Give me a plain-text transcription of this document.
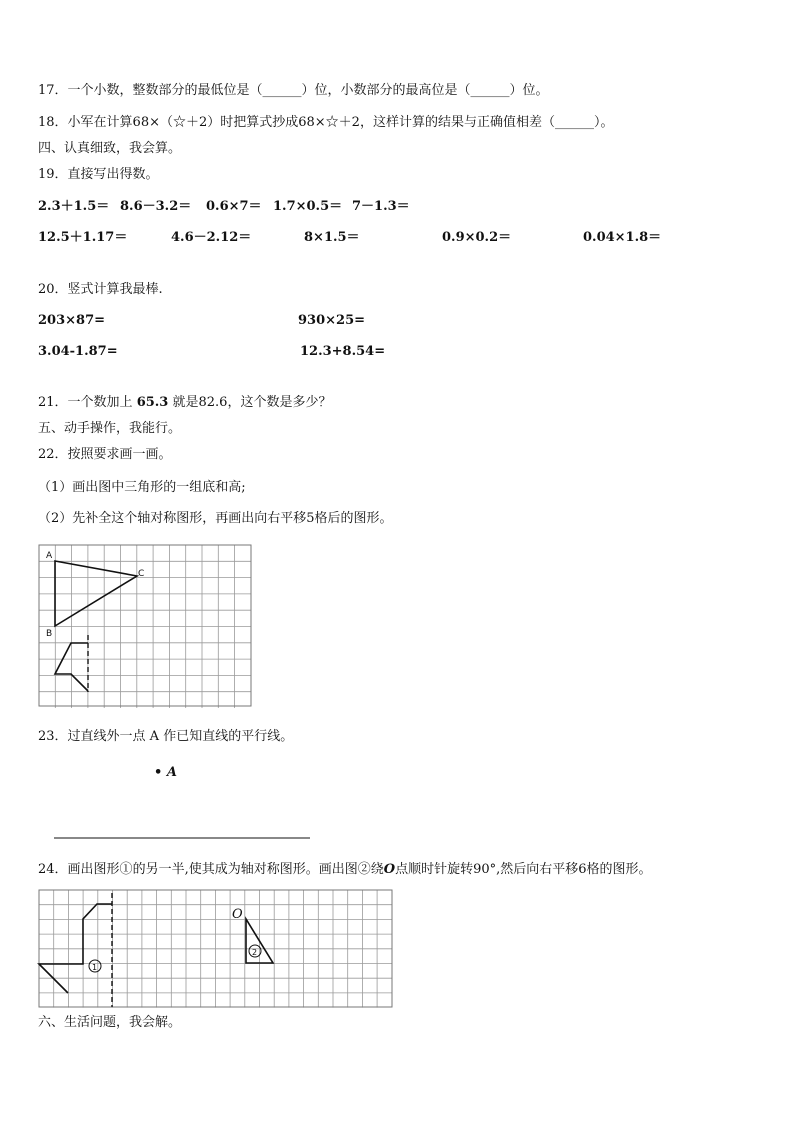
17．一个小数，整数部分的最低位是（______）位，小数部分的最高位是（______）位。
18．小军在计算68×（☆＋2）时把算式抄成68×☆＋2，这样计算的结果与正确值相差（______）。
四、认真细致，我会算。
19．直接写出得数。
2.3＋1.5＝ 8.6－3.2＝ 0.6×7＝ 1.7×0.5＝ 7－1.3＝
12.5＋1.17＝	4.6－2.12＝	8×1.5＝	0.9×0.2＝	0.04×1.8＝
20．竖式计算我最棒.
203×87=	930×25=
3.04-1.87=	12.3+8.54=
21．一个数加上 65.3 就是82.6，这个数是多少？
五、动手操作，我能行。
22．按照要求画一画。
（1）画出图中三角形的一组底和高;
（2）先补全这个轴对称图形，再画出向右平移5格后的图形。
23．过直线外一点 A 作已知直线的平行线。
• A
24．画出图形①的另一半,使其成为轴对称图形。画出图②绕O点顺时针旋转90°,然后向右平移6格的图形。
六、生活问题，我会解。
A
C
B
1
2
O
